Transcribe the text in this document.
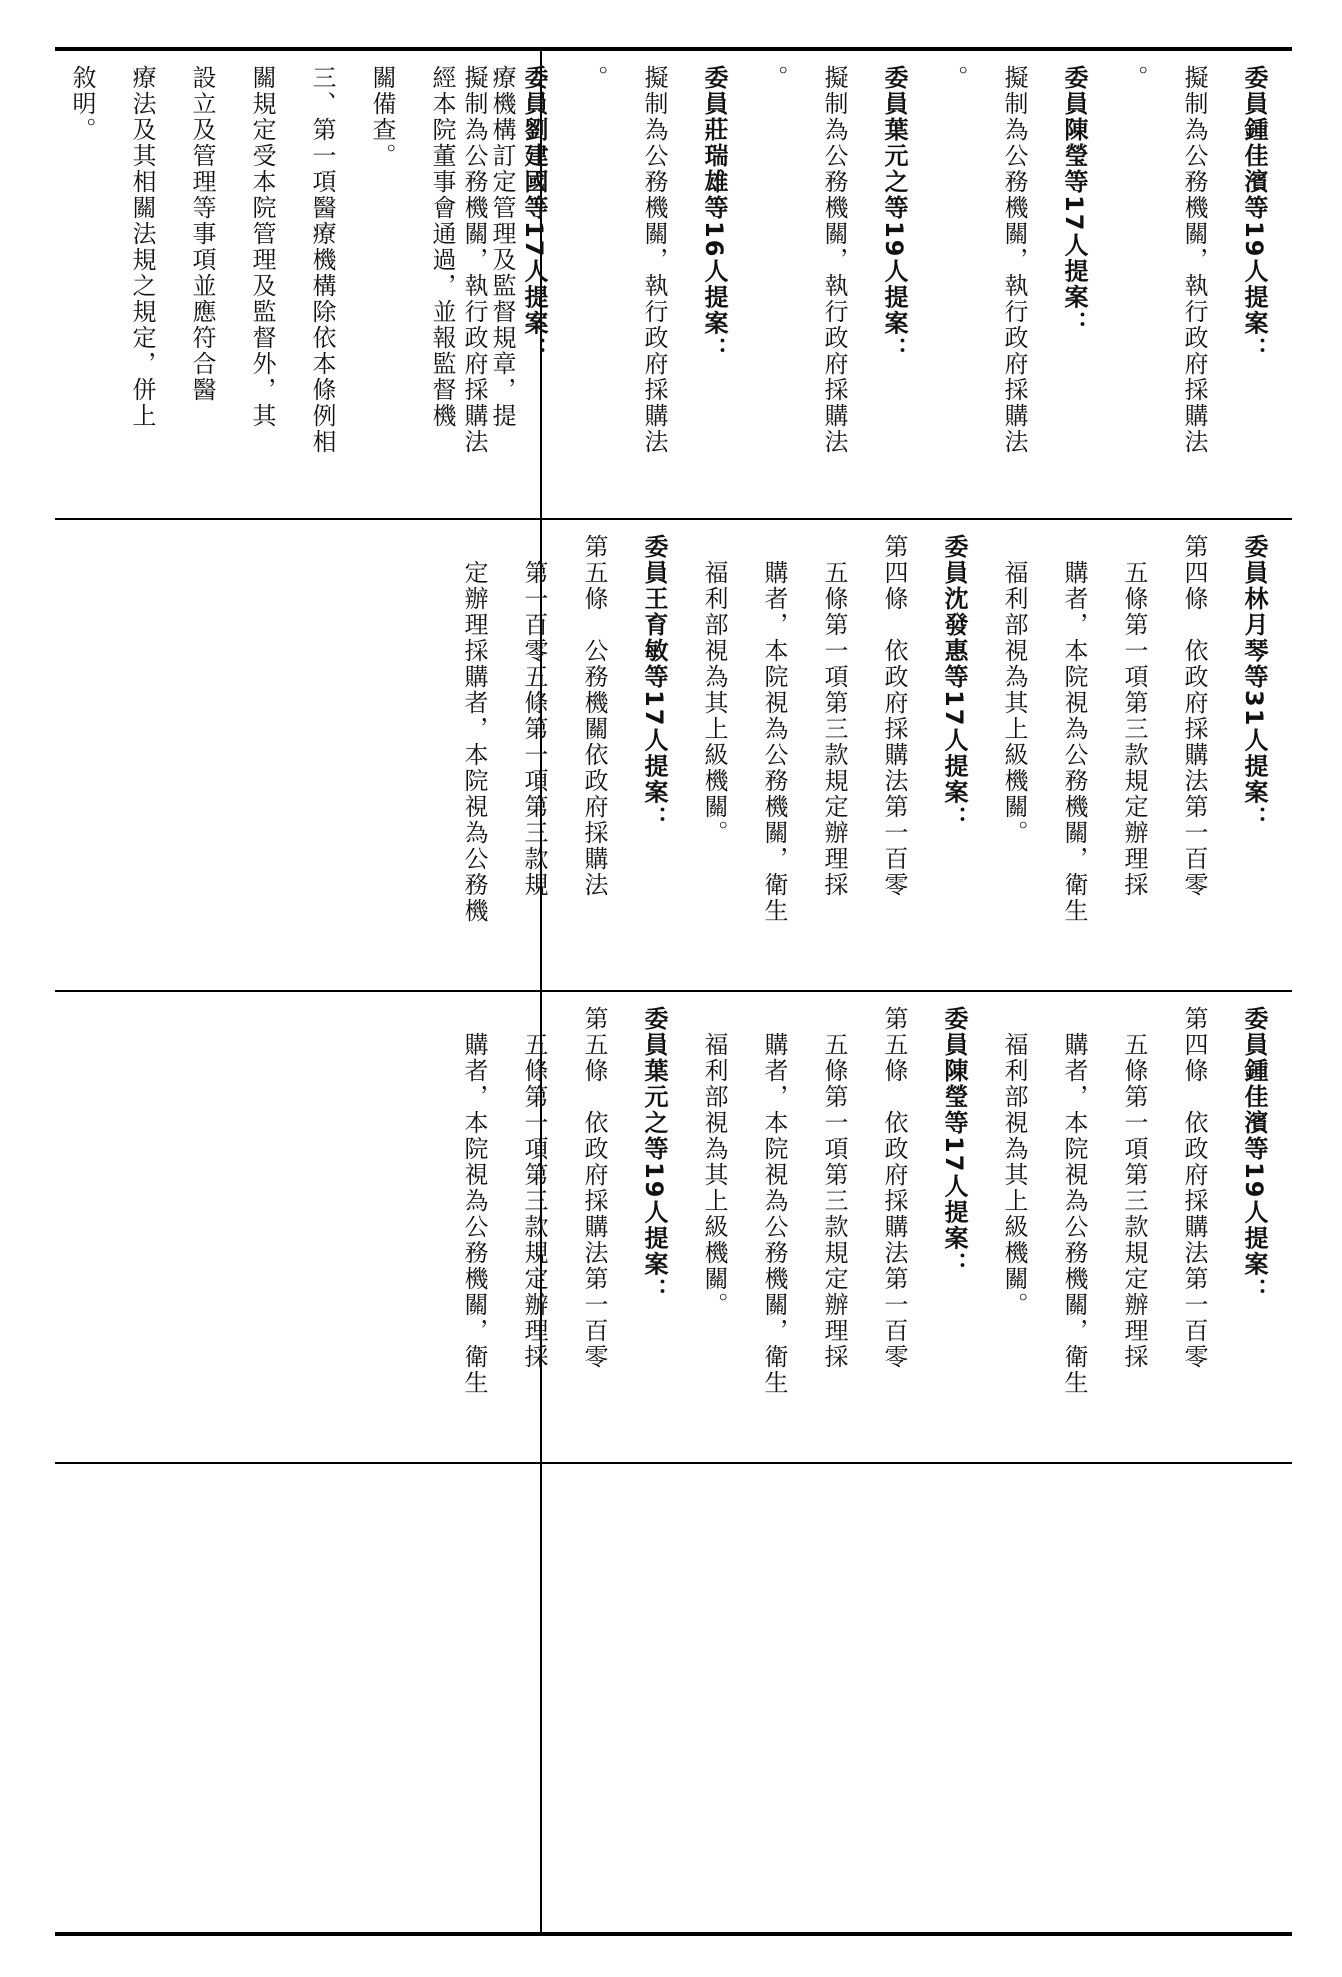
療機構訂定管理及監督規章，提

經本院董事會通過，並報監督機

關備查。

三、第一項醫療機構除依本條例相

關規定受本院管理及監督外，其

設立及管理等事項並應符合醫

療法及其相關法規之規定，併上

敘明。	委員鍾佳濱等19人提案：

擬制為公務機關，執行政府採購法

。

委員陳瑩等17人提案：

擬制為公務機關，執行政府採購法

。

委員葉元之等19人提案：

擬制為公務機關，執行政府採購法

。

委員莊瑞雄等16人提案：

擬制為公務機關，執行政府採購法

。

委員劉建國等17人提案：

擬制為公務機關，執行政府採購法

委員林月琴等31人提案：

第四條　依政府採購法第一百零

　五條第一項第三款規定辦理採

　購者，本院視為公務機關，衛生

　福利部視為其上級機關。

委員沈發惠等17人提案：

第四條　依政府採購法第一百零

　五條第一項第三款規定辦理採

　購者，本院視為公務機關，衛生

　福利部視為其上級機關。

委員王育敏等17人提案：

第五條　公務機關依政府採購法

　第一百零五條第一項第三款規

　定辦理採購者，本院視為公務機

委員鍾佳濱等19人提案：

第四條　依政府採購法第一百零

　五條第一項第三款規定辦理採

　購者，本院視為公務機關，衛生

　福利部視為其上級機關。

委員陳瑩等17人提案：

第五條　依政府採購法第一百零

　五條第一項第三款規定辦理採

　購者，本院視為公務機關，衛生

　福利部視為其上級機關。

委員葉元之等19人提案：

第五條　依政府採購法第一百零

　五條第一項第三款規定辦理採

　購者，本院視為公務機關，衛生
